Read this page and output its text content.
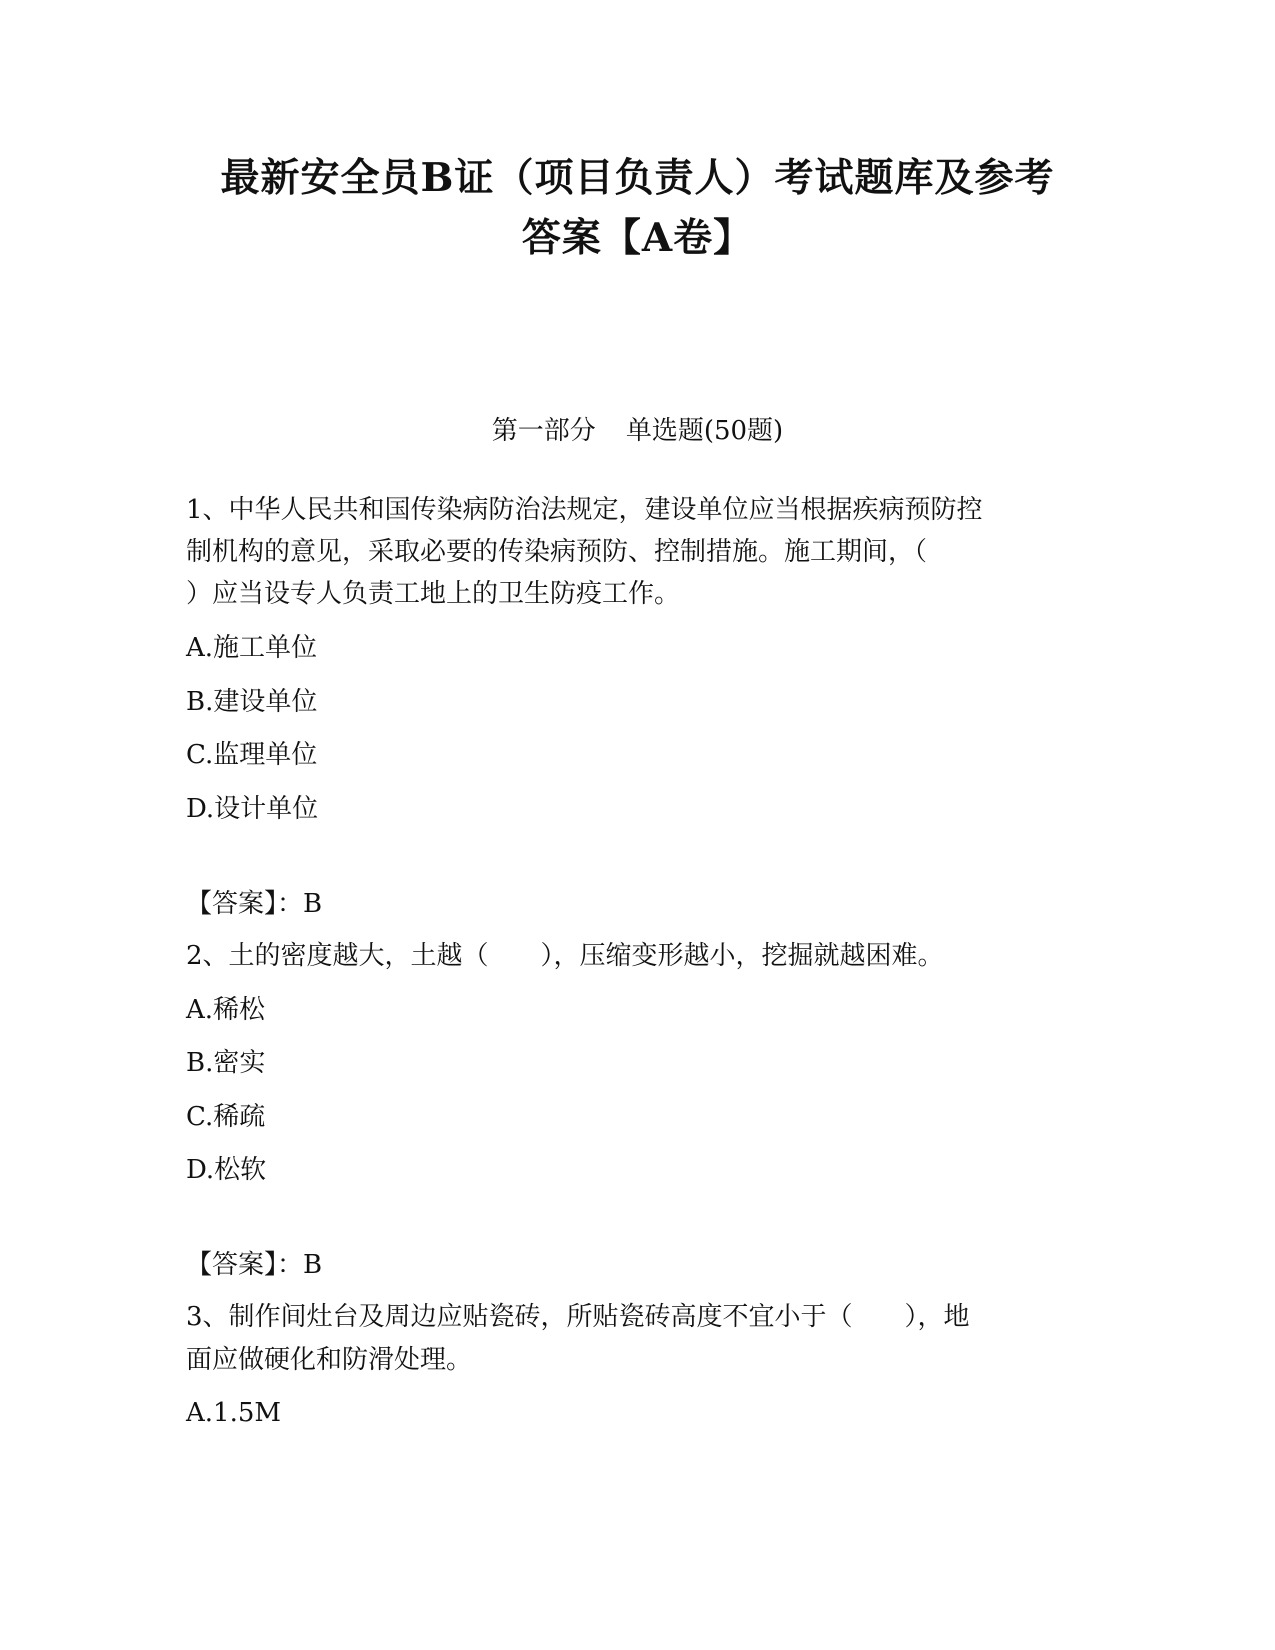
最新安全员B证（项目负责人）考试题库及参考
答案【A卷】
第一部分 单选题(50题)
1、中华人民共和国传染病防治法规定，建设单位应当根据疾病预防控
制机构的意见，采取必要的传染病预防、控制措施。施工期间，（
）应当设专人负责工地上的卫生防疫工作。
A.施工单位
B.建设单位
C.监理单位
D.设计单位
【答案】：B
2、土的密度越大，土越（　　），压缩变形越小，挖掘就越困难。
A.稀松
B.密实
C.稀疏
D.松软
【答案】：B
3、制作间灶台及周边应贴瓷砖，所贴瓷砖高度不宜小于（　　），地
面应做硬化和防滑处理。
A.1.5M
